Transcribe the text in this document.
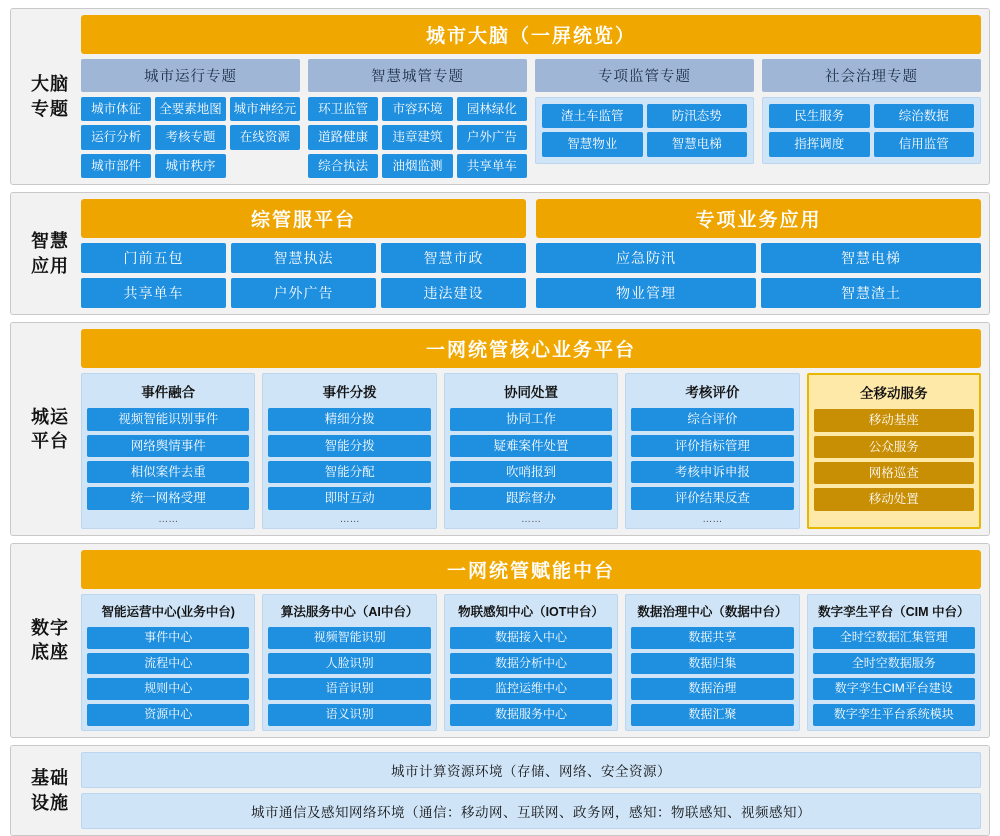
大脑
专题
城市大脑（一屏统览）
城市运行专题
城市体征	全要素地图 城市神经元
运行分析	考核专题	在线资源
城市部件	城市秩序
智慧城管专题
环卫监管	市容环境	园林绿化
道路健康	违章建筑	户外广告
综合执法	油烟监测	共享单车
专项监管专题
渣土车监管	防汛态势
智慧物业	智慧电梯
社会治理专题
民生服务	综治数据
指挥调度	信用监管
智慧
应用
综管服平台
门前五包	智慧执法	智慧市政
共享单车	户外广告	违法建设
专项业务应用
应急防汛	智慧电梯
物业管理	智慧渣土
城运
平台
一网统管核心业务平台
事件融合
视频智能识别事件
网络舆情事件
相似案件去重
统一网格受理
……
事件分拨
精细分拨
智能分拨
智能分配
即时互动
……
协同处置
协同工作
疑难案件处置
吹哨报到
跟踪督办
……
考核评价
综合评价
评价指标管理
考核申诉申报
评价结果反查
……
全移动服务
移动基座
公众服务
网格巡查
移动处置
数字
底座
一网统管赋能中台
智能运营中心(业务中台)
事件中心
流程中心
规则中心
资源中心
算法服务中心（AI中台）
视频智能识别
人脸识别
语音识别
语义识别
物联感知中心（IOT中台）
数据接入中心
数据分析中心
监控运维中心
数据服务中心
数据治理中心（数据中台）
数据共享
数据归集
数据治理
数据汇聚
数字孪生平台（CIM 中台）
全时空数据汇集管理
全时空数据服务
数字孪生CIM平台建设
数字孪生平台系统模块
基础
设施
城市计算资源环境（存储、网络、安全资源）
城市通信及感知网络环境（通信：移动网、互联网、政务网，感知：物联感知、视频感知）
